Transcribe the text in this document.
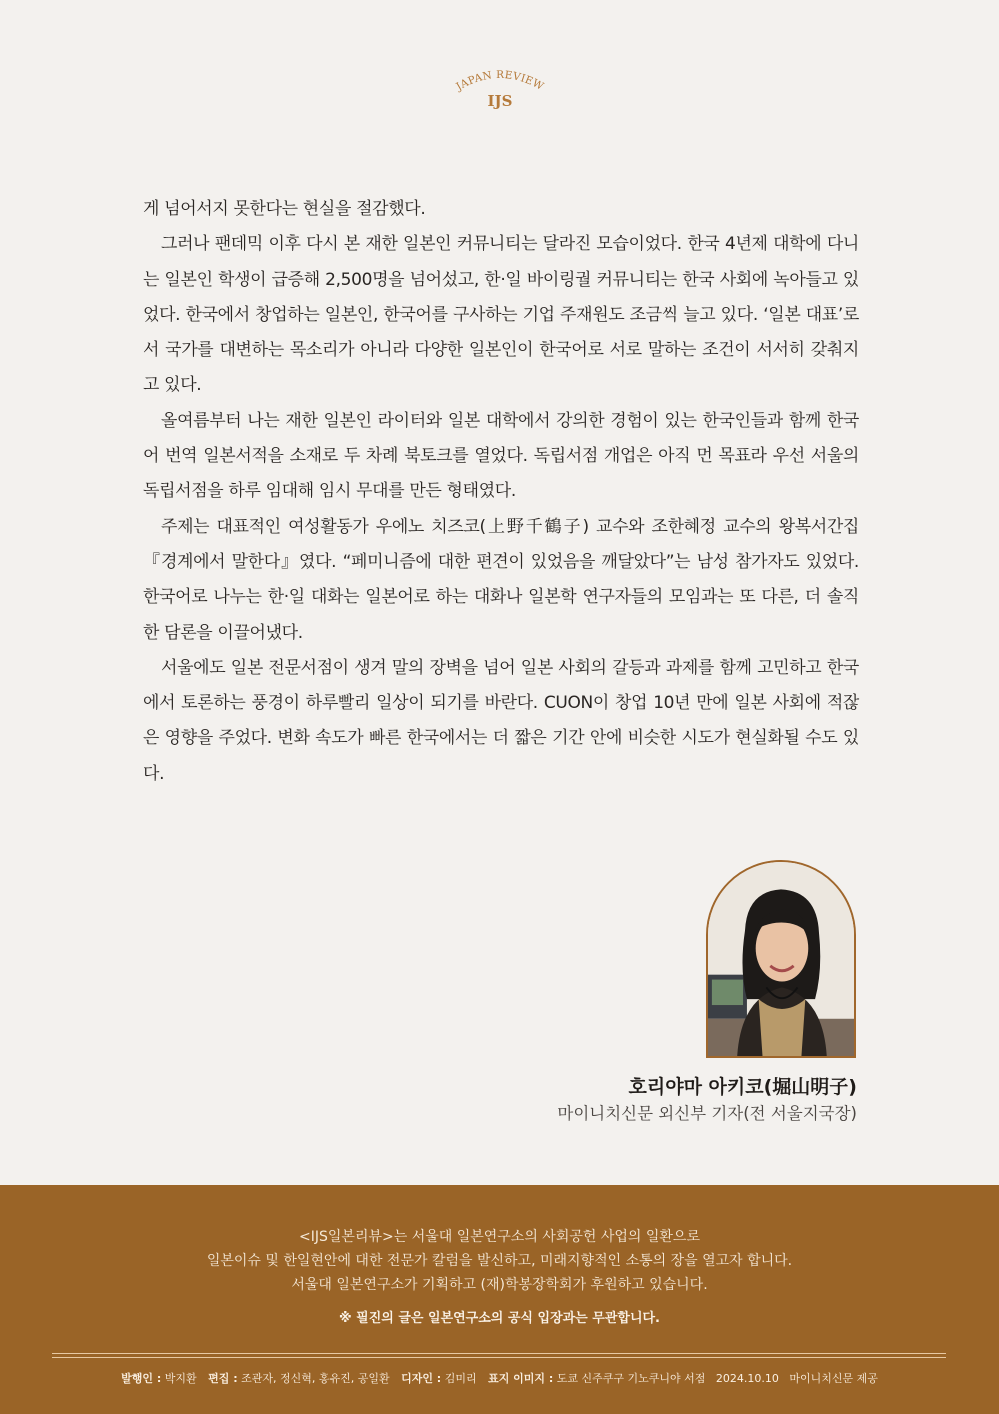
JAPAN REVIEW
IJS

게 넘어서지 못한다는 현실을 절감했다.

그러나 팬데믹 이후 다시 본 재한 일본인 커뮤니티는 달라진 모습이었다. 한국 4년제 대학에 다니는 일본인 학생이 급증해 2,500명을 넘어섰고, 한·일 바이링궐 커뮤니티는 한국 사회에 녹아들고 있었다. 한국에서 창업하는 일본인, 한국어를 구사하는 기업 주재원도 조금씩 늘고 있다. ‘일본 대표’로서 국가를 대변하는 목소리가 아니라 다양한 일본인이 한국어로 서로 말하는 조건이 서서히 갖춰지고 있다.

올여름부터 나는 재한 일본인 라이터와 일본 대학에서 강의한 경험이 있는 한국인들과 함께 한국어 번역 일본서적을 소재로 두 차례 북토크를 열었다. 독립서점 개업은 아직 먼 목표라 우선 서울의 독립서점을 하루 임대해 임시 무대를 만든 형태였다.

주제는 대표적인 여성활동가 우에노 치즈코(上野千鶴子) 교수와 조한혜정 교수의 왕복서간집『경계에서 말한다』였다. “페미니즘에 대한 편견이 있었음을 깨달았다”는 남성 참가자도 있었다. 한국어로 나누는 한·일 대화는 일본어로 하는 대화나 일본학 연구자들의 모임과는 또 다른, 더 솔직한 담론을 이끌어냈다.

서울에도 일본 전문서점이 생겨 말의 장벽을 넘어 일본 사회의 갈등과 과제를 함께 고민하고 한국에서 토론하는 풍경이 하루빨리 일상이 되기를 바란다. CUON이 창업 10년 만에 일본 사회에 적잖은 영향을 주었다. 변화 속도가 빠른 한국에서는 더 짧은 기간 안에 비슷한 시도가 현실화될 수도 있다.

호리야마 아키코(堀山明子)
마이니치신문 외신부 기자(전 서울지국장)
<IJS일본리뷰>는 서울대 일본연구소의 사회공헌 사업의 일환으로
일본이슈 및 한일현안에 대한 전문가 칼럼을 발신하고, 미래지향적인 소통의 장을 열고자 합니다.
서울대 일본연구소가 기획하고 (재)학봉장학회가 후원하고 있습니다.
※ 필진의 글은 일본연구소의 공식 입장과는 무관합니다.
발행인 : 박지환 편집 : 조관자, 정신혁, 홍유진, 공일환 디자인 : 김미리 표지 이미지 : 도쿄 신주쿠구 기노쿠니야 서점   2024.10.10   마이니치신문 제공
